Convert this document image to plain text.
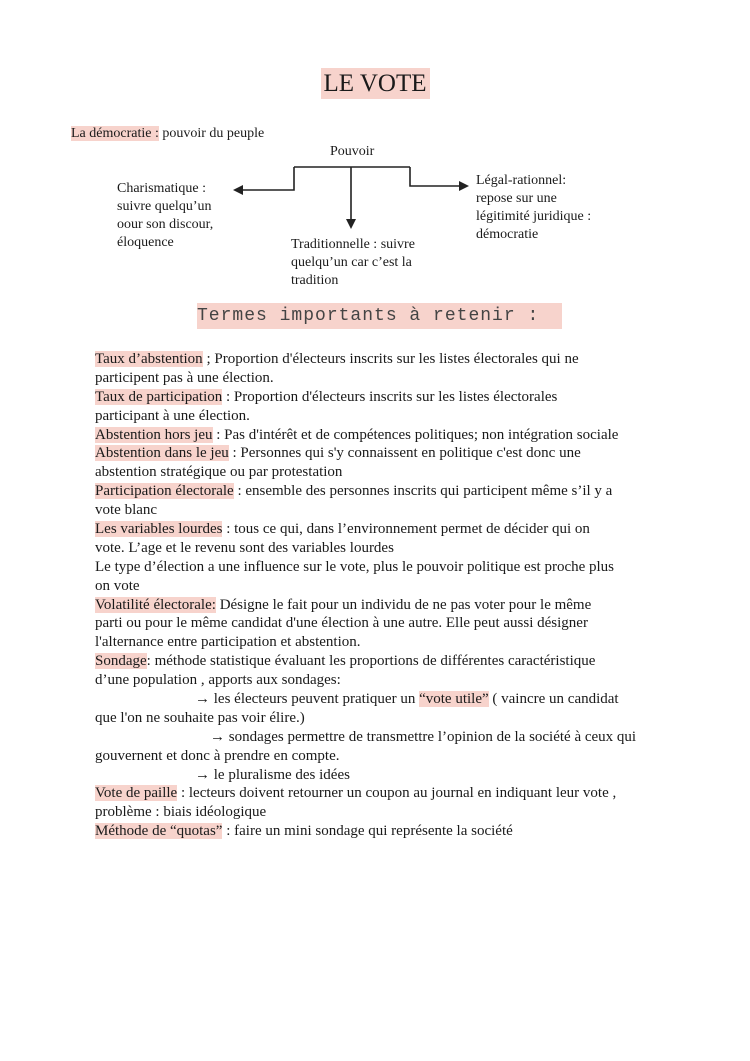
LE VOTE
La démocratie : pouvoir du peuple
Pouvoir
Charismatique :
suivre quelqu’un
oour son discour,
éloquence	Traditionnelle : suivre
quelqu’un car c’est la
tradition
Légal-rationnel:
repose sur une
légitimité juridique :
démocratie
Termes importants à retenir :
Taux d’abstention ; Proportion d'électeurs inscrits sur les listes électorales qui ne
participent pas à une élection.
Taux de participation : Proportion d'électeurs inscrits sur les listes électorales
participant à une élection.
Abstention hors jeu : Pas d'intérêt et de compétences politiques; non intégration sociale
Abstention dans le jeu : Personnes qui s'y connaissent en politique c'est donc une
abstention stratégique ou par protestation
Participation électorale : ensemble des personnes inscrits qui participent même s’il y a
vote blanc
Les variables lourdes : tous ce qui, dans l’environnement permet de décider qui on
vote. L’age et le revenu sont des variables lourdes
Le type d’élection a une influence sur le vote, plus le pouvoir politique est proche plus
on vote
Volatilité électorale: Désigne le fait pour un individu de ne pas voter pour le même
parti ou pour le même candidat d'une élection à une autre. Elle peut aussi désigner
l'alternance entre participation et abstention.
Sondage: méthode statistique évaluant les proportions de différentes caractéristique
d’une population , apports aux sondages:
→ les électeurs peuvent pratiquer un “vote utile” ( vaincre un candidat
que l'on ne souhaite pas voir élire.)
→ sondages permettre de transmettre l’opinion de la société à ceux qui
gouvernent et donc à prendre en compte.
→ le pluralisme des idées
Vote de paille : lecteurs doivent retourner un coupon au journal en indiquant leur vote ,
problème : biais idéologique
Méthode de “quotas” : faire un mini sondage qui représente la société
